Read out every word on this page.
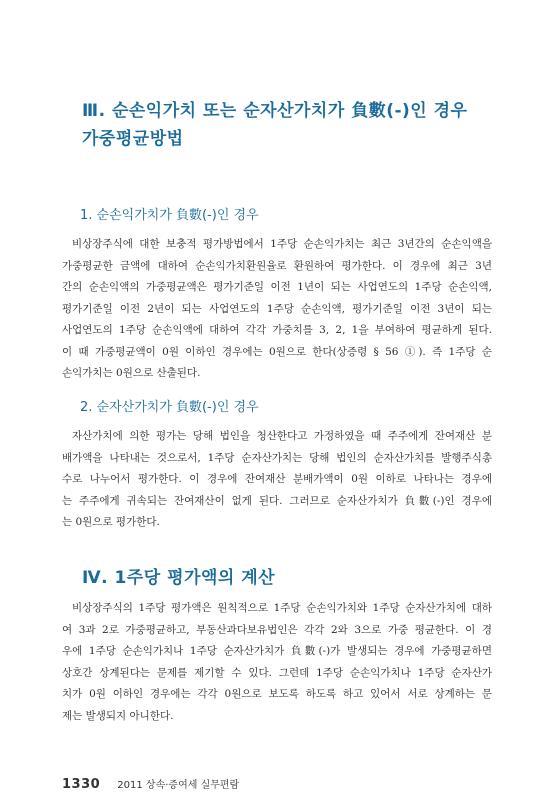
Ⅲ. 순손익가치 또는 순자산가치가 負數(-)인 경우
가중평균방법
1. 순손익가치가 負數(-)인 경우
비상장주식에 대한 보충적 평가방법에서 1주당 순손익가치는 최근 3년간의 순손익액을
가중평균한 금액에 대하여 순손익가치환원율로 환원하여 평가한다. 이 경우에 최근 3년
간의 순손익액의 가중평균액은 평가기준일 이전 1년이 되는 사업연도의 1주당 순손익액,
평가기준일 이전 2년이 되는 사업연도의 1주당 순손익액, 평가기준일 이전 3년이 되는
사업연도의 1주당 순손익액에 대하여 각각 가중치를 3, 2, 1을 부여하여 평균하게 된다.
이 때 가중평균액이 0원 이하인 경우에는 0원으로 한다(상증령 § 56 ①). 즉 1주당 순
손익가치는 0원으로 산출된다.
2. 순자산가치가 負數(-)인 경우
자산가치에 의한 평가는 당해 법인을 청산한다고 가정하였을 때 주주에게 잔여재산 분
배가액을 나타내는 것으로서, 1주당 순자산가치는 당해 법인의 순자산가치를 발행주식총
수로 나누어서 평가한다. 이 경우에 잔여재산 분배가액이 0원 이하로 나타나는 경우에
는 주주에게 귀속되는 잔여재산이 없게 된다. 그러므로 순자산가치가 負數(-)인 경우에
는 0원으로 평가한다.
Ⅳ. 1주당 평가액의 계산
비상장주식의 1주당 평가액은 원칙적으로 1주당 순손익가치와 1주당 순자산가치에 대하
여 3과 2로 가중평균하고, 부동산과다보유법인은 각각 2와 3으로 가중 평균한다. 이 경
우에 1주당 순손익가치나 1주당 순자산가치가 負數(-)가 발생되는 경우에 가중평균하면
상호간 상계된다는 문제를 제기할 수 있다. 그런데 1주당 순손익가치나 1주당 순자산가
치가 0원 이하인 경우에는 각각 0원으로 보도록 하도록 하고 있어서 서로 상계하는 문
제는 발생되지 아니한다.
1330 2011 상속·증여세 실무편람
